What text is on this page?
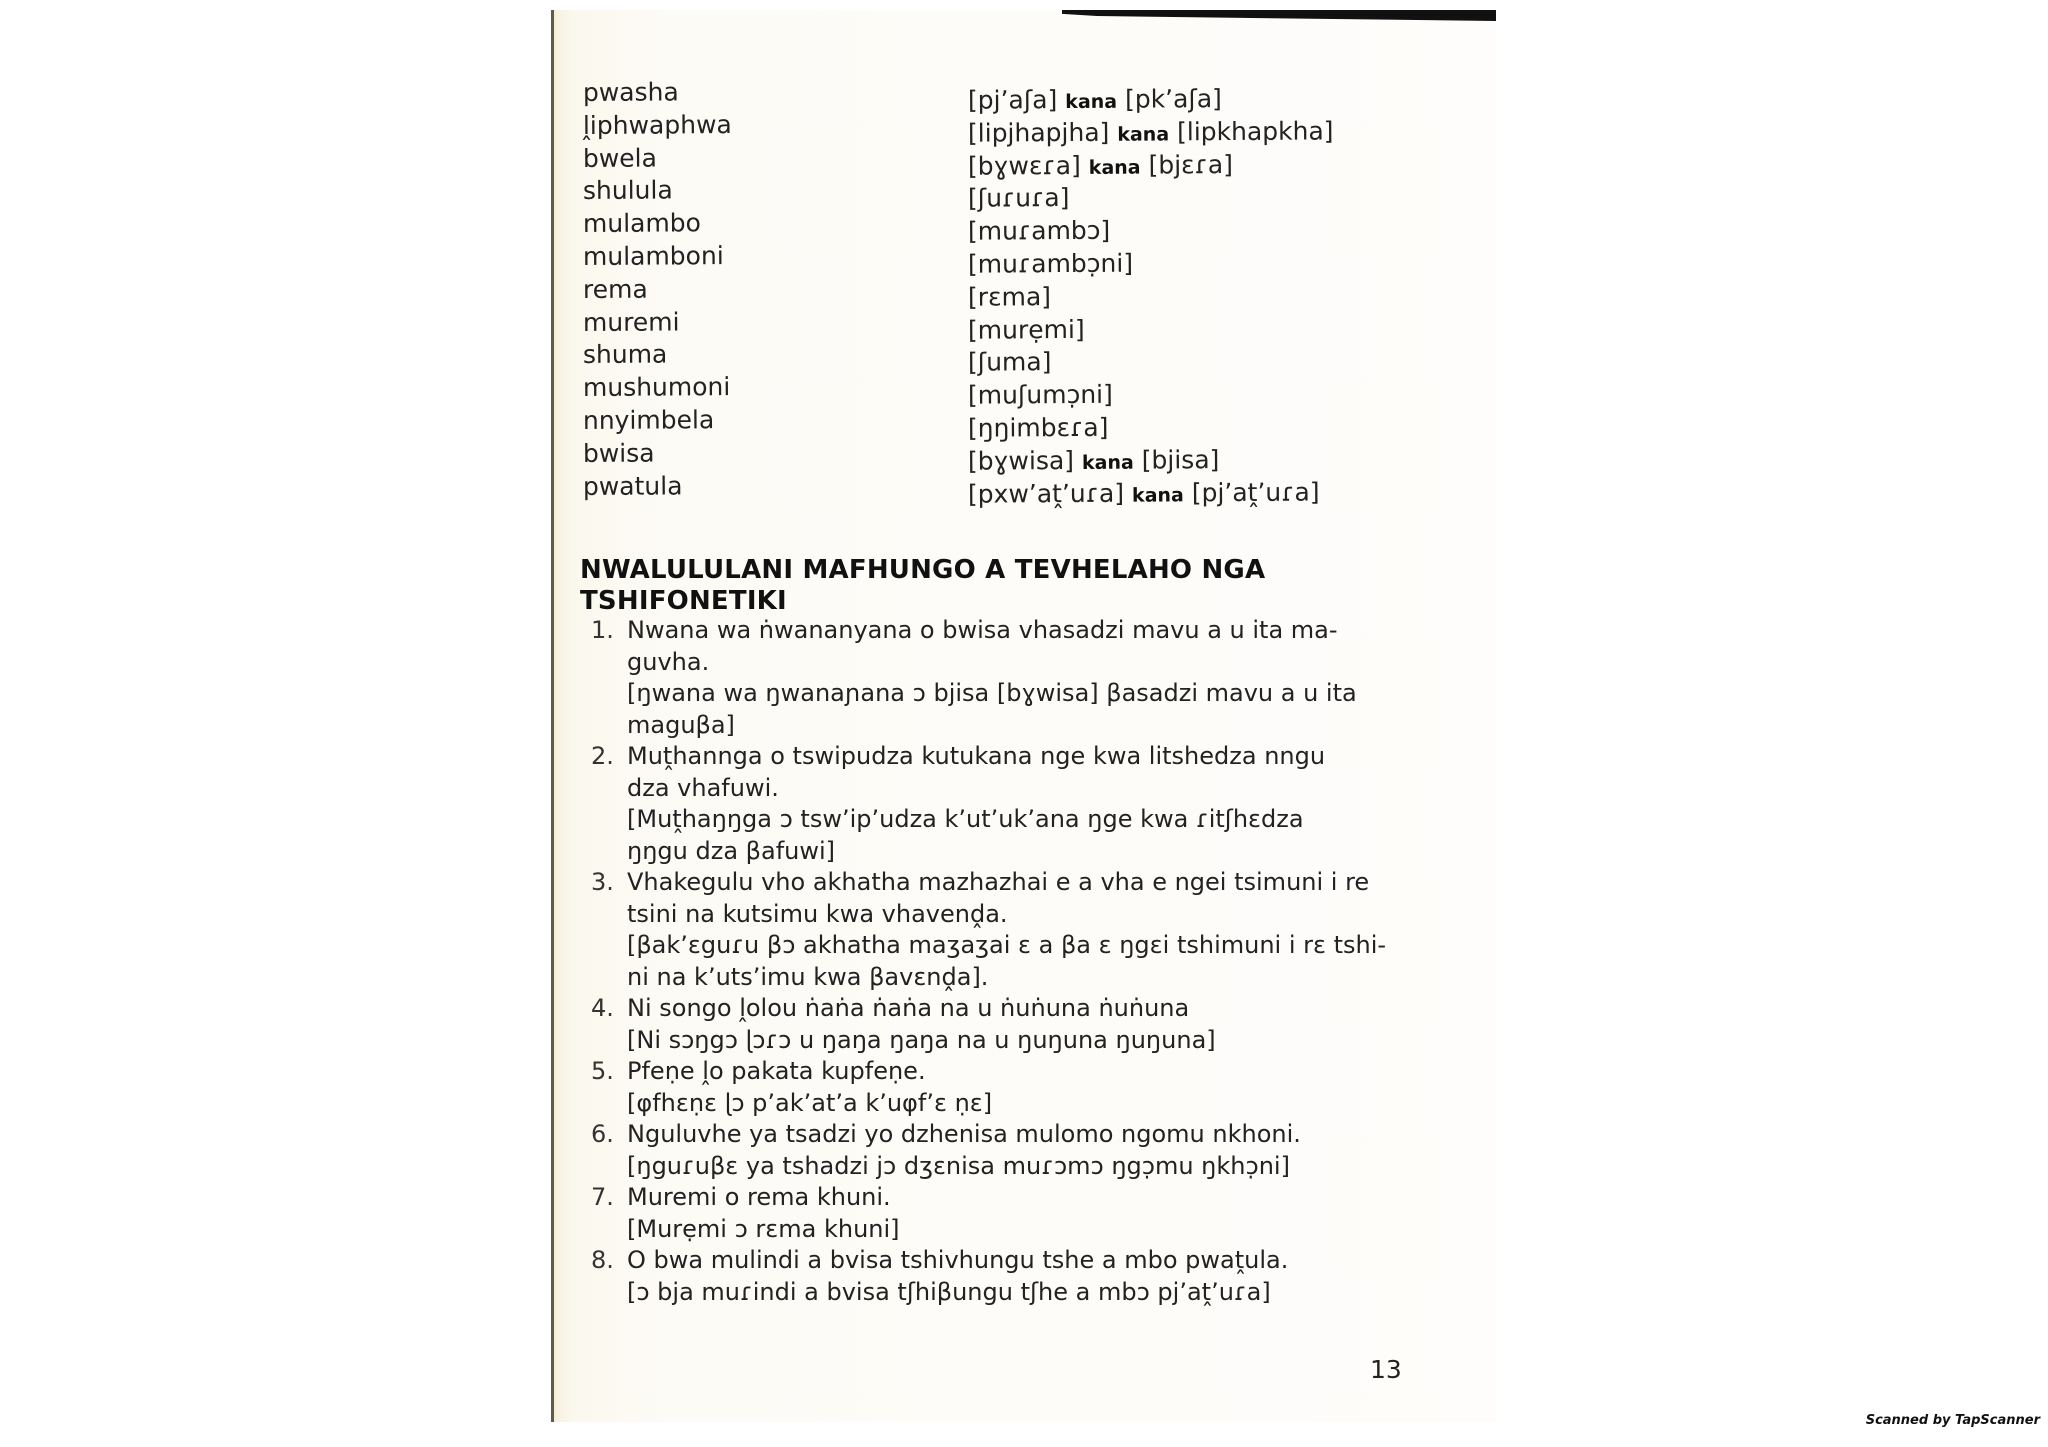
pwasha	[pj’aʃa] kana [pk’aʃa]
ḽiphwaphwa	[lipjhapjha] kana [lipkhapkha]
bwela	[bɣwɛɾa] kana [bjɛɾa]
shulula	[ʃuɾuɾa]
mulambo	[muɾambɔ]
mulamboni	[muɾambɔ̣ni]
rema	[rɛma]
muremi	[murẹmi]
shuma	[ʃuma]
mushumoni	[muʃumɔ̣ni]
nnyimbela	[ŋŋimbɛɾa]
bwisa	[bɣwisa] kana [bjisa]
pwatula	[pxw’aṱ’uɾa] kana [pj’aṱ’uɾa]
NWALULULANI MAFHUNGO A TEVHELAHO NGA
TSHIFONETIKI
1. Nwana wa ṅwananyana o bwisa vhasadzi mavu a u ita ma-
guvha.
[ŋwana wa ŋwanaɲana ɔ bjisa [bɣwisa] βasadzi mavu a u ita
maguβa]
2. Muṱhannga o tswipudza kutukana nge kwa litshedza nngu
dza vhafuwi.
[Muṱhaŋŋga ɔ tsw’ip’udza k’ut’uk’ana ŋge kwa ɾitʃhɛdza
ŋŋgu dza βafuwi]
3. Vhakegulu vho akhatha mazhazhai e a vha e ngei tsimuni i re
tsini na kutsimu kwa vhavenḓa.
[βak’ɛguɾu βɔ akhatha maʒaʒai ɛ a βa ɛ ŋgɛi tshimuni i rɛ tshi-
ni na k’uts’imu kwa βavɛnḓa].
4. Ni songo ḽolou ṅaṅa ṅaṅa na u ṅuṅuna ṅuṅuna
[Ni sɔŋgɔ ɭɔɾɔ u ŋaŋa ŋaŋa na u ŋuŋuna ŋuŋuna]
5. Pfeṇe ḽo pakata kupfeṇe.
[φfhɛṇɛ ɭɔ p’ak’at’a k’uφf’ɛ ṇɛ]
6. Nguluvhe ya tsadzi yo dzhenisa mulomo ngomu nkhoni.
[ŋguɾuβɛ ya tshadzi jɔ dʒɛnisa muɾɔmɔ ŋgɔ̣mu ŋkhɔ̣ni]
7. Muremi o rema khuni.
[Murẹmi ɔ rɛma khuni]
8. O bwa mulindi a bvisa tshivhungu tshe a mbo pwaṱula.
[ɔ bja muɾindi a bvisa tʃhiβungu tʃhe a mbɔ pj’aṱ’uɾa]
13
Scanned by TapScanner
